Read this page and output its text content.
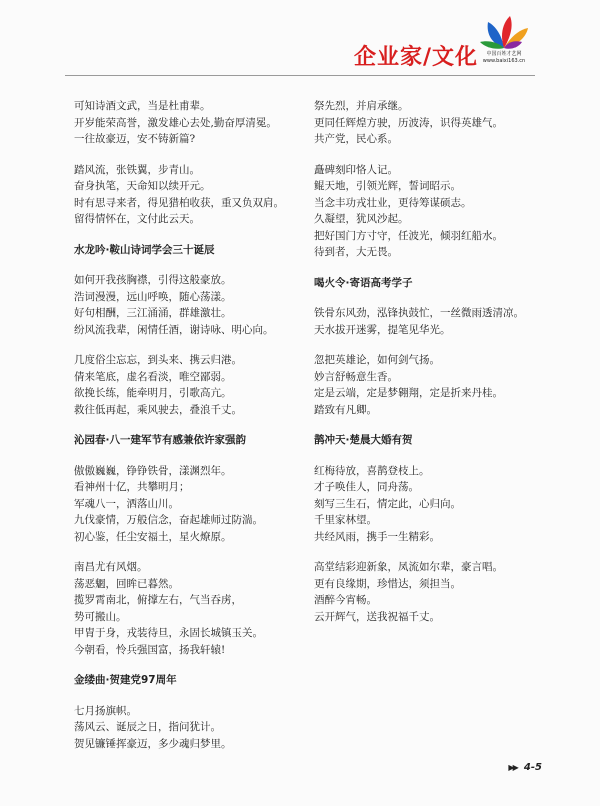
企业家/文化	中国百姓才艺网
www.baixi163.cn
可知诗酒文武，当是杜甫辈。
开岁能荣高誉，激发雄心去处,勤奋厚清冕。
一往故豪迈，安不铸新篇?
踏风流，张铁翼，步青山。
奋身执笔，天命知以续开元。
时有思寻来者，得见猎柏收获，重又负双肩。
留得情怀在，文付此云天。
水龙吟·鞍山诗词学会三十诞辰
如何开我孩胸襟，引得这般豪放。
浩词漫漫，远山呼唤，随心荡漾。
好句相酬，三江涌涌，群雄激壮。
纷风流我辈，闲情任酒，谢诗咏、明心向。
几度俗尘忘忘，到头来、携云归港。
倩来笔底，虚名看淡，唯空鄙弱。
欲挽长练，能牵明月，引歌高亢。
救往低再起，乘风驶去，叠浪千丈。
沁园春·八一建军节有感兼依许家强韵
傲傲巍巍，铮铮铁骨，漾渊烈年。
看神州十亿，共攀明月；
军魂八一，洒落山川。
九伐豪情，万般信念，奋起雄师过防湍。
初心鉴，任尘安福土，星火燎原。
南昌尤有风烟。
荡恶魍，回眸已暮然。
揽罗霄南北，俯撑左右，气当吞虏，
势可搬山。
甲胄于身，戎装待旦，永固长城镇玉关。
今朝看，怜兵强国富，扬我轩辕!
金缕曲·贺建党97周年
七月扬旗帜。
荡风云、诞辰之日，指问犹计。
贺见镰锤挥豪迈，多少魂归梦里。
祭先烈，并肩承继。
更同任辉煌方驶，历波涛，识得英雄气。
共产党，民心系。
矗碑刻印恪人记。
鲲天地，引领光辉，誓词昭示。
当念丰功戎壮业，更待筹谋硕志。
久凝望，犹风沙起。
把好国门方寸守，任波光，倾羽红船水。
待到者，大无畏。
喝火令·寄语高考学子
铁骨东风劲，泓锋执鼓忙，一丝微雨透清凉。
天水拔开迷雾，提笔见华光。
忽把英雄论，如何剑气扬。
妙言舒畅意生香。
定是云端，定是梦翱翔，定是折来丹桂。
踏致有凡卿。
鹊冲天·楚晨大婚有贺
红梅待放，喜鹊登枝上。
才子唤佳人，同舟荡。
刻写三生石，情定此，心归向。
千里家林望。
共经风雨，携手一生精彩。
高堂结彩迎新象，凤流如尔辈，豪言唱。
更有良缘期，珍惜达，须担当。
酒醉今宵畅。
云开辉气，送我祝福千丈。
▶▶ 4-5
